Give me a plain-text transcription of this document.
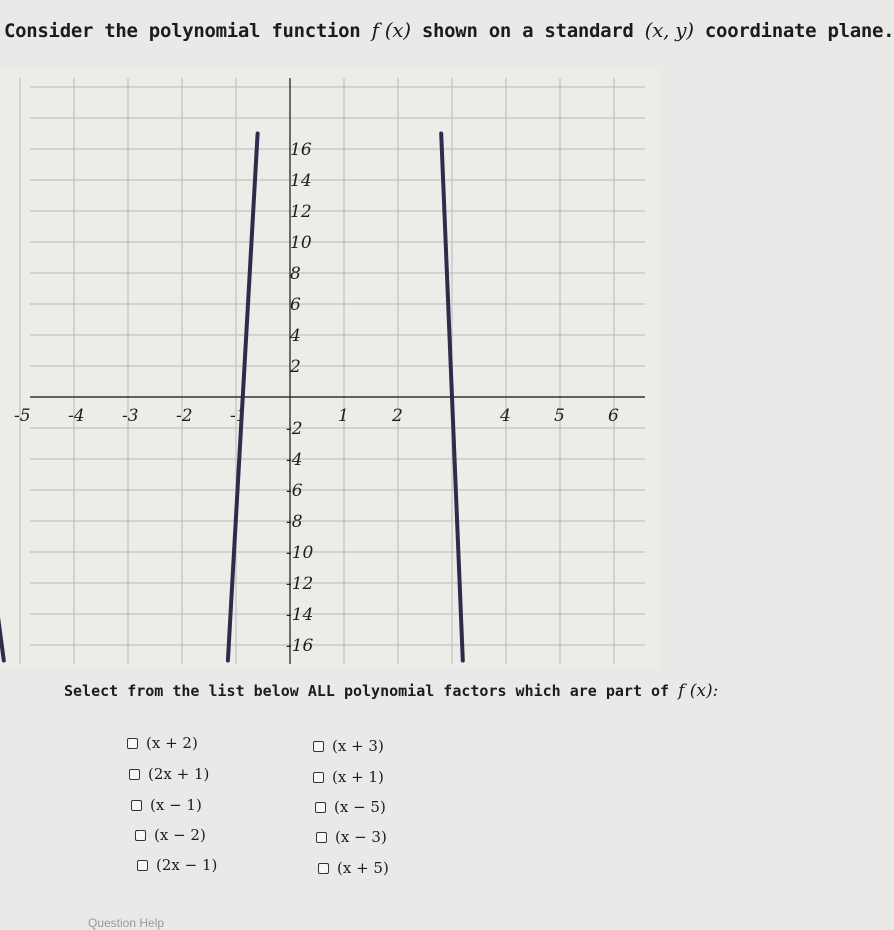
Consider the polynomial function f (x) shown on a standard (x, y) coordinate plane.
-5 -4 -3 -2 -1	1	2	4	5	6
16
14
12
10
8
6
4
2
-2
-4
-6
-8
-10
-12
-14
-16
Select from the list below ALL polynomial factors which are part of f (x):
(x + 2)
(2x + 1)
(x − 1)
(x − 2)
(2x − 1)
(x + 3)
(x + 1)
(x − 5)
(x − 3)
(x + 5)
Question Help
